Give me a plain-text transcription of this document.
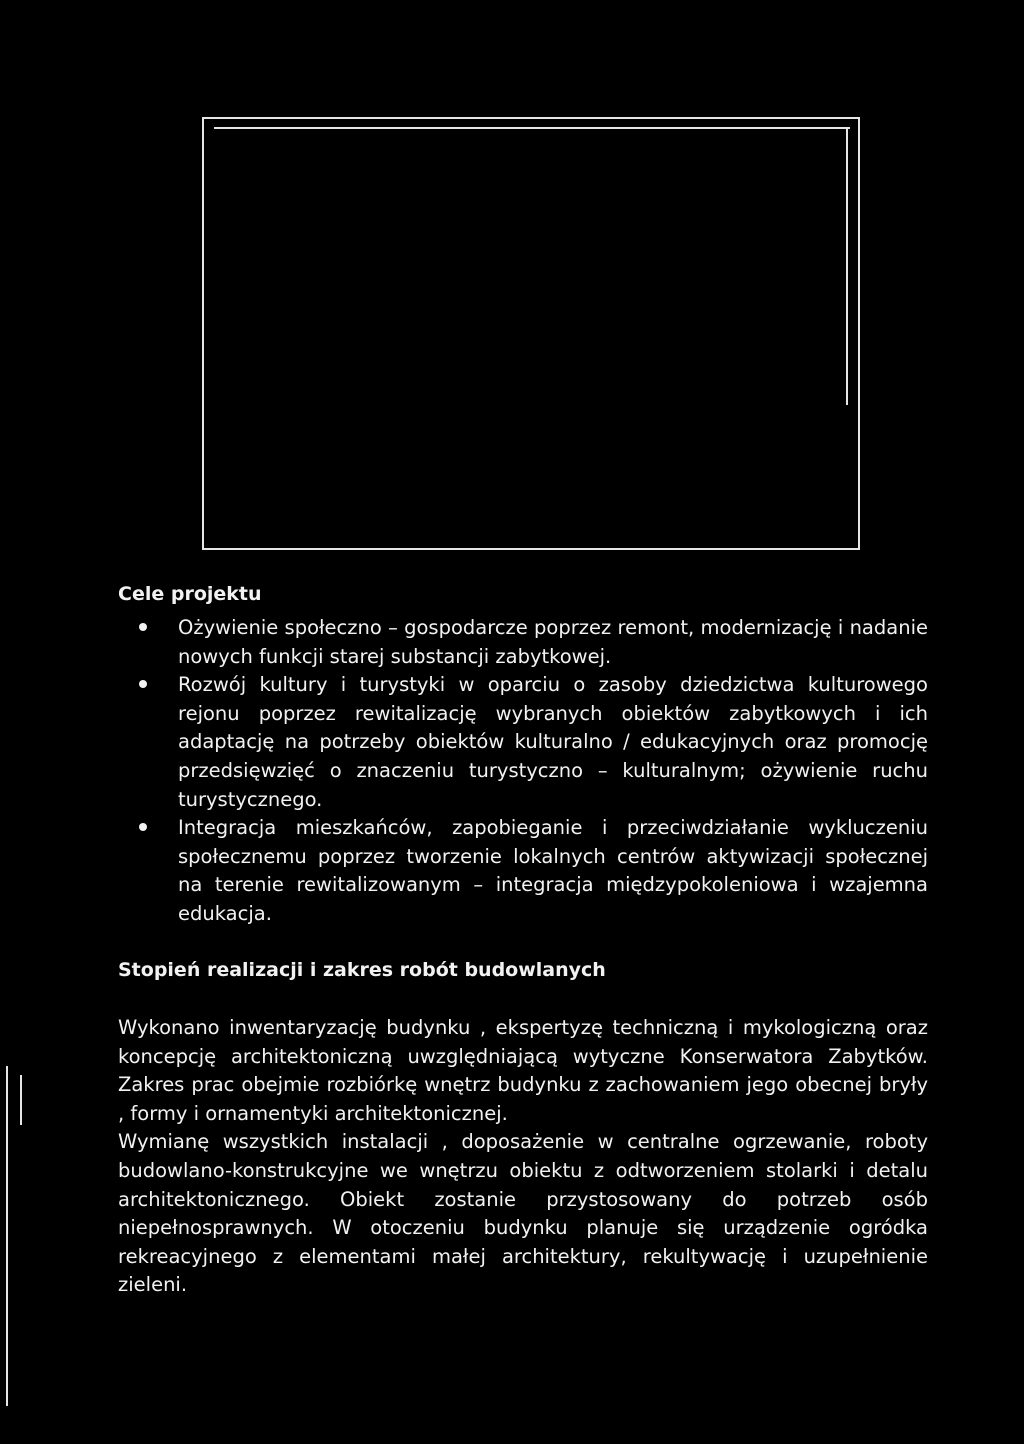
Cele projektu
Ożywienie społeczno – gospodarcze poprzez remont, modernizację i nadanie nowych funkcji starej substancji zabytkowej.
Rozwój kultury i turystyki w oparciu o zasoby dziedzictwa kulturowego rejonu poprzez rewitalizację wybranych obiektów zabytkowych i ich adaptację na potrzeby obiektów kulturalno / edukacyjnych oraz promocję przedsięwzięć o znaczeniu turystyczno – kulturalnym; ożywienie ruchu turystycznego.
Integracja mieszkańców, zapobieganie i przeciwdziałanie wykluczeniu społecznemu poprzez tworzenie lokalnych centrów aktywizacji społecznej na terenie rewitalizowanym – integracja międzypokoleniowa i wzajemna edukacja.
Stopień realizacji i zakres robót budowlanych

Wykonano inwentaryzację budynku , ekspertyzę techniczną i mykologiczną oraz koncepcję architektoniczną uwzględniającą wytyczne Konserwatora Zabytków. Zakres prac obejmie rozbiórkę wnętrz budynku z zachowaniem jego obecnej bryły , formy i ornamentyki architektonicznej.

Wymianę wszystkich instalacji , doposażenie w centralne ogrzewanie, roboty budowlano-konstrukcyjne we wnętrzu obiektu z odtworzeniem stolarki i detalu architektonicznego. Obiekt zostanie przystosowany do potrzeb osób niepełnosprawnych. W otoczeniu budynku planuje się urządzenie ogródka rekreacyjnego z elementami małej architektury, rekultywację i uzupełnienie zieleni.
